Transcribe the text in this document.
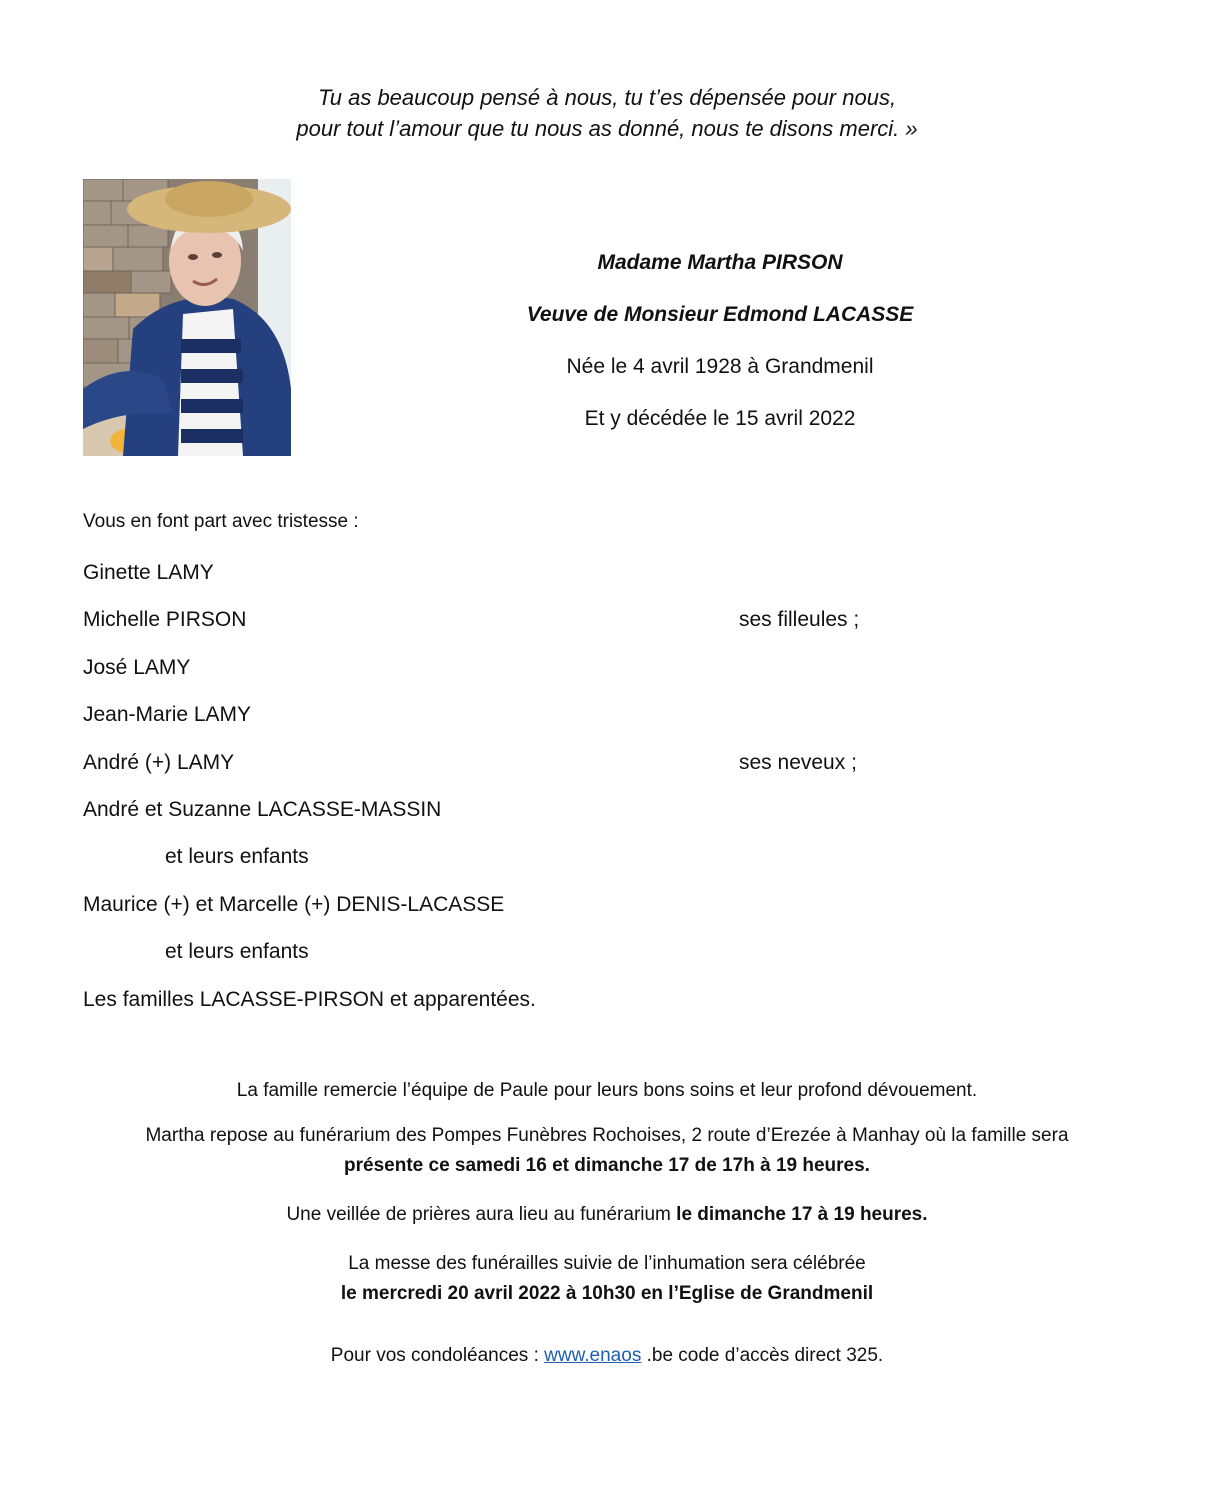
Tu as beaucoup pensé à nous, tu t’es dépensée pour nous,
pour tout l’amour que tu nous as donné, nous te disons merci. »
Madame Martha PIRSON
Veuve de Monsieur Edmond LACASSE
Née le 4 avril 1928 à Grandmenil
Et y décédée le 15 avril 2022
Vous en font part avec tristesse :
Ginette LAMY
Michelle PIRSON	ses filleules ;
José LAMY
Jean-Marie LAMY
André (+) LAMY	ses neveux ;
André et Suzanne LACASSE-MASSIN
et leurs enfants
Maurice (+) et Marcelle (+) DENIS-LACASSE
et leurs enfants
Les familles LACASSE-PIRSON et apparentées.
La famille remercie l’équipe de Paule pour leurs bons soins et leur profond dévouement.
Martha repose au funérarium des Pompes Funèbres Rochoises, 2 route d’Erezée à Manhay où la famille sera
présente ce samedi 16 et dimanche 17 de 17h à 19 heures.
Une veillée de prières aura lieu au funérarium le dimanche 17 à 19 heures.
La messe des funérailles suivie de l’inhumation sera célébrée
le mercredi 20 avril 2022 à 10h30 en l’Eglise de Grandmenil
Pour vos condoléances : www.enaos .be code d’accès direct 325.
